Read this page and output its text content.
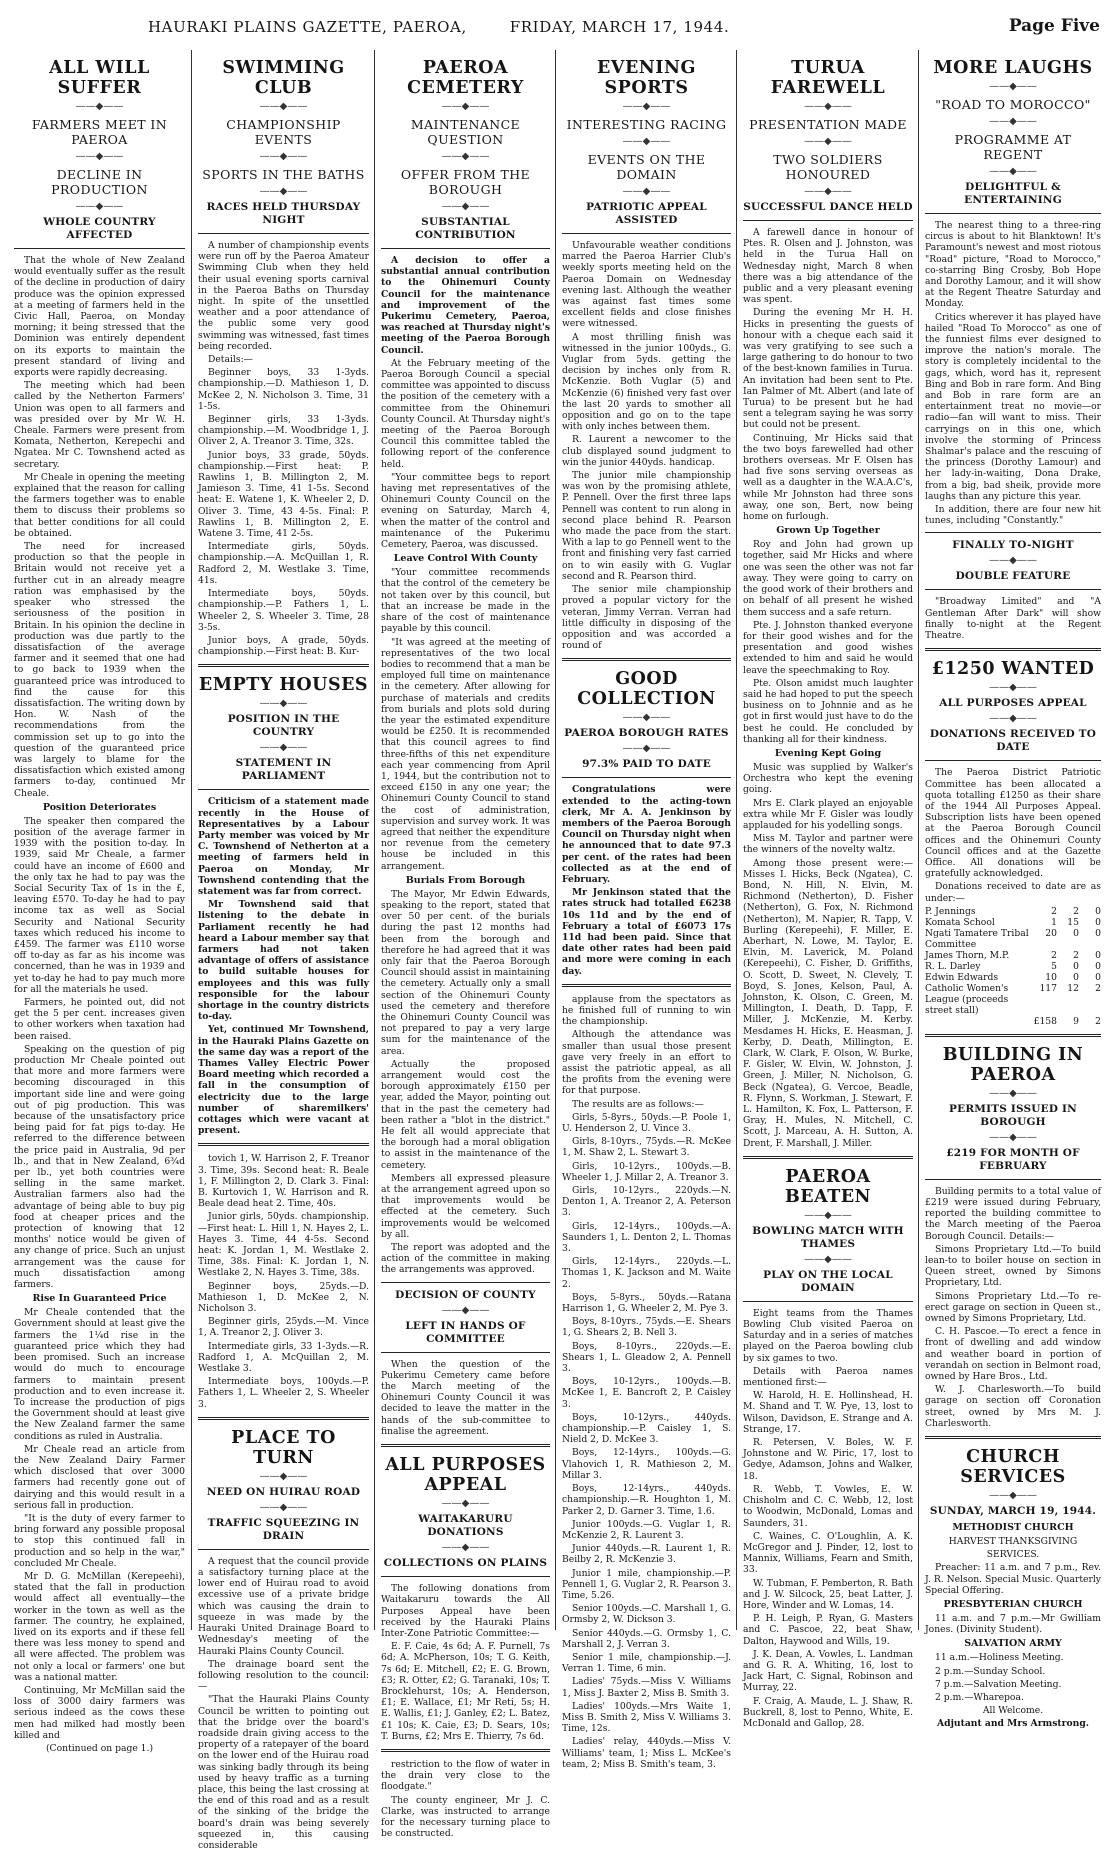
HAURAKI PLAINS GAZETTE, PAEROA,	FRIDAY, MARCH 17, 1944.	Page Five
ALL WILL SUFFER
——◆——
FARMERS MEET IN PAEROA
——◆——
DECLINE IN PRODUCTION
——◆——
WHOLE COUNTRY AFFECTED

That the whole of New Zealand would eventually suffer as the result of the decline in production of dairy produce was the opinion expressed at a meeting of farmers held in the Civic Hall, Paeroa, on Monday morning; it being stressed that the Dominion was entirely dependent on its exports to maintain the present standard of living and exports were rapidly decreasing.

The meeting which had been called by the Netherton Farmers' Union was open to all farmers and was presided over by Mr W. H. Cheale. Farmers were present from Komata, Netherton, Kerepechi and Ngatea. Mr C. Townshend acted as secretary.

Mr Cheale in opening the meeting explained that the reason for calling the farmers together was to enable them to discuss their problems so that better conditions for all could be obtained.

The need for increased production so that the people in Britain would not receive yet a further cut in an already meagre ration was emphasised by the speaker who stressed the seriousness of the position in Britain. In his opinion the decline in production was due partly to the dissatisfaction of the average farmer and it seemed that one had to go back to 1939 when the guaranteed price was introduced to find the cause for this dissatisfaction. The writing down by Hon. W. Nash of the recommendations from the commission set up to go into the question of the guaranteed price was largely to blame for the dissatisfaction which existed among farmers to-day, continued Mr Cheale.

Position Deteriorates

The speaker then compared the position of the average farmer in 1939 with the position to-day. In 1939, said Mr Cheale, a farmer could have an income of £600 and the only tax he had to pay was the Social Security Tax of 1s in the £, leaving £570. To-day he had to pay income tax as well as Social Security and National Security taxes which reduced his income to £459. The farmer was £110 worse off to-day as far as his income was concerned, than he was in 1939 and yet to-day he had to pay much more for all the materials he used.

Farmers, he pointed out, did not get the 5 per cent. increases given to other workers when taxation had been raised.

Speaking on the question of pig production Mr Cheale pointed out that more and more farmers were becoming discouraged in this important side line and were going out of pig production. This was because of the unsatisfactory price being paid for fat pigs to-day. He referred to the difference between the price paid in Australia, 9d per lb., and that in New Zealand, 6¾d per lb., yet both countries were selling in the same market. Australian farmers also had the advantage of being able to buy pig food at cheaper prices and the protection of knowing that 12 months' notice would be given of any change of price. Such an unjust arrangement was the cause for much dissatisfaction among farmers.

Rise In Guaranteed Price

Mr Cheale contended that the Government should at least give the farmers the 1¼d rise in the guaranteed price which they had been promised. Such an increase would do much to encourage farmers to maintain present production and to even increase it. To increase the production of pigs the Government should at least give the New Zealand farmer the same conditions as ruled in Australia.

Mr Cheale read an article from the New Zealand Dairy Farmer which disclosed that over 3000 farmers had recently gone out of dairying and this would result in a serious fall in production.

"It is the duty of every farmer to bring forward any possible proposal to stop this continued fall in production and so help in the war," concluded Mr Cheale.

Mr D. G. McMillan (Kerepeehi), stated that the fall in production would affect all eventually—the worker in the town as well as the farmer. The country, he explained, lived on its exports and if these fell there was less money to spend and all were affected. The problem was not only a local or farmers' one but was a national matter.

Continuing, Mr McMillan said the loss of 3000 dairy farmers was serious indeed as the cows these men had milked had mostly been killed and

(Continued on page 1.)

SWIMMING CLUB
——◆——
CHAMPIONSHIP EVENTS
——◆——
SPORTS IN THE BATHS
——◆——
RACES HELD THURSDAY NIGHT

A number of championship events were run off by the Paeroa Amateur Swimming Club when they held their usual evening sports carnival in the Paeroa Baths on Thursday night. In spite of the unsettled weather and a poor attendance of the public some very good swimming was witnessed, fast times being recorded.

Details:—

Beginner boys, 33 1-3yds. championship.—D. Mathieson 1, D. McKee 2, N. Nicholson 3. Time, 31 1-5s.

Beginner girls, 33 1-3yds. championship.—M. Woodbridge 1, J. Oliver 2, A. Treanor 3. Time, 32s.

Junior boys, 33 grade, 50yds. championship.—First heat: P. Rawlins 1, B. Millington 2, M. Jamieson 3. Time, 41 1-5s. Second heat: E. Watene 1, K. Wheeler 2, D. Oliver 3. Time, 43 4-5s. Final: P. Rawlins 1, B. Millington 2, E. Watene 3. Time, 41 2-5s.

Intermediate girls, 50yds. championship.—A. McQuillan 1, R. Radford 2, M. Westlake 3. Time, 41s.

Intermediate boys, 50yds. championship.—P. Fathers 1, L. Wheeler 2, S. Wheeler 3. Time, 28 3-5s.

Junior boys, A grade, 50yds. championship.—First heat: B. Kur-

EMPTY HOUSES
——◆——
POSITION IN THE COUNTRY
——◆——
STATEMENT IN PARLIAMENT

Criticism of a statement made recently in the House of Representatives by a Labour Party member was voiced by Mr C. Townshend of Netherton at a meeting of farmers held in Paeroa on Monday, Mr Townshend contending that the statement was far from correct.

Mr Townshend said that listening to the debate in Parliament recently he had heard a Labour member say that farmers had not taken advantage of offers of assistance to build suitable houses for employees and this was fully responsible for the labour shortage in the country districts to-day.

Yet, continued Mr Townshend, in the Hauraki Plains Gazette on the same day was a report of the Thames Valley Electric Power Board meeting which recorded a fall in the consumption of electricity due to the large number of sharemilkers' cottages which were vacant at present.

tovich 1, W. Harrison 2, F. Treanor 3. Time, 39s. Second heat: R. Beale 1, F. Millington 2, D. Clark 3. Final: B. Kurtovich 1, W. Harrison and R. Beale dead heat 2. Time, 40s.

Junior girls, 50yds. championship.—First heat: L. Hill 1, N. Hayes 2, L. Hayes 3. Time, 44 4-5s. Second heat: K. Jordan 1, M. Westlake 2. Time, 38s. Final: K. Jordan 1, N. Westlake 2, N. Hayes 3. Time, 38s.

Beginner boys, 25yds.—D. Mathieson 1, D. McKee 2, N. Nicholson 3.

Beginner girls, 25yds.—M. Vince 1, A. Treanor 2, J. Oliver 3.

Intermediate girls, 33 1-3yds.—R. Radford 1, A. McQuillan 2, M. Westlake 3.

Intermediate boys, 100yds.—P. Fathers 1, L. Wheeler 2, S. Wheeler 3.

PLACE TO TURN
——◆——
NEED ON HUIRAU ROAD
——◆——
TRAFFIC SQUEEZING IN DRAIN

A request that the council provide a satisfactory turning place at the lower end of Huirau road to avoid excessive use of a private bridge which was causing the drain to squeeze in was made by the Hauraki United Drainage Board to Wednesday's meeting of the Hauraki Plains County Council.

The drainage board sent the following resolution to the council:—

"That the Hauraki Plains County Council be written to pointing out that the bridge over the board's roadside drain giving access to the property of a ratepayer of the board on the lower end of the Huirau road was sinking badly through its being used by heavy traffic as a turning place, this being the last crossing at the end of this road and as a result of the sinking of the bridge the board's drain was being severely squeezed in, this causing considerable

PAEROA CEMETERY
——◆——
MAINTENANCE QUESTION
——◆——
OFFER FROM THE BOROUGH
——◆——
SUBSTANTIAL CONTRIBUTION

A decision to offer a substantial annual contribution to the Ohinemuri County Council for the maintenance and improvement of the Pukerimu Cemetery, Paeroa, was reached at Thursday night's meeting of the Paeroa Borough Council.

At the February meeting of the Paeroa Borough Council a special committee was appointed to discuss the position of the cemetery with a committee from the Ohinemuri County Council. At Thursday night's meeting of the Paeroa Borough Council this committee tabled the following report of the conference held.

"Your committee begs to report having met representatives of the Ohinemuri County Council on the evening on Saturday, March 4, when the matter of the control and maintenance of the Pukerimu Cemetery, Paeroa, was discussed.

Leave Control With County

"Your committee recommends that the control of the cemetery be not taken over by this council, but that an increase be made in the share of the cost of maintenance payable by this council.

"It was agreed at the meeting of representatives of the two local bodies to recommend that a man be employed full time on maintenance in the cemetery. After allowing for purchase of materials and credits from burials and plots sold during the year the estimated expenditure would be £250. It is recommended that this council agrees to find three-fifths of this net expenditure each year commencing from April 1, 1944, but the contribution not to exceed £150 in any one year; the Ohinemuri County Council to stand the cost of administration, supervision and survey work. It was agreed that neither the expenditure nor revenue from the cemetery house be included in this arrangement.

Burials From Borough

The Mayor, Mr Edwin Edwards, speaking to the report, stated that over 50 per cent. of the burials during the past 12 months had been from the borough and therefore he had agreed that it was only fair that the Paeroa Borough Council should assist in maintaining the cemetery. Actually only a small section of the Ohinemuri County used the cemetery and therefore the Ohinemuri County Council was not prepared to pay a very large sum for the maintenance of the area.

Actually the proposed arrangement would cost the borough approximately £150 per year, added the Mayor, pointing out that in the past the cemetery had been rather a "blot in the district." He felt all would appreciate that the borough had a moral obligation to assist in the maintenance of the cemetery.

Members all expressed pleasure at the arrangement agreed upon so that improvements would be effected at the cemetery. Such improvements would be welcomed by all.

The report was adopted and the action of the committee in making the arrangements was approved.

DECISION OF COUNTY
——◆——
LEFT IN HANDS OF COMMITTEE

When the question of the Pukerimu Cemetery came before the March meeting of the Ohinemuri County Council it was decided to leave the matter in the hands of the sub-committee to finalise the agreement.

ALL PURPOSES APPEAL
——◆——
WAITAKARURU DONATIONS
——◆——
COLLECTIONS ON PLAINS

The following donations from Waitakaruru towards the All Purposes Appeal have been received by the Hauraki Plains Inter-Zone Patriotic Committee:—

E. F. Caie, 4s 6d; A. F. Purnell, 7s 6d; A. McPherson, 10s; T. G. Keith, 7s 6d; E. Mitchell, £2; E. G. Brown, £3; R. Otter, £2; G. Taranaki, 10s; T. Brocklehurst, 10s; A. Henderson, £1; E. Wallace, £1; Mr Reti, 5s; H. E. Wallis, £1; J. Ganley, £2; L. Batez, £1 10s; K. Caie, £3; D. Sears, 10s; T. Burns, £2; Mrs E. Thierry, 7s 6d.

restriction to the flow of water in the drain very close to the floodgate."

The county engineer, Mr J. C. Clarke, was instructed to arrange for the necessary turning place to be constructed.

EVENING SPORTS
——◆——
INTERESTING RACING
——◆——
EVENTS ON THE DOMAIN
——◆——
PATRIOTIC APPEAL ASSISTED

Unfavourable weather conditions marred the Paeroa Harrier Club's weekly sports meeting held on the Paeroa Domain on Wednesday evening last. Although the weather was against fast times some excellent fields and close finishes were witnessed.

A most thrilling finish was witnessed in the junior 100yds., G. Vuglar from 5yds. getting the decision by inches only from R. McKenzie. Both Vuglar (5) and McKenzie (6) finished very fast over the last 20 yards to smother all opposition and go on to the tape with only inches between them.

R. Laurent a newcomer to the club displayed sound judgment to win the junior 440yds. handicap.

The junior mile championship was won by the promising athlete, P. Pennell. Over the first three laps Pennell was content to run along in second place behind R. Pearson who made the pace from the start. With a lap to go Pennell went to the front and finishing very fast carried on to win easily with G. Vuglar second and R. Pearson third.

The senior mile championship proved a popular victory for the veteran, Jimmy Verran. Verran had little difficulty in disposing of the opposition and was accorded a round of

GOOD COLLECTION
——◆——
PAEROA BOROUGH RATES
——◆——
97.3% PAID TO DATE

Congratulations were extended to the acting-town clerk, Mr A. A. Jenkinson by members of the Paeroa Borough Council on Thursday night when he announced that to date 97.3 per cent. of the rates had been collected as at the end of February.

Mr Jenkinson stated that the rates struck had totalled £6238 10s 11d and by the end of February a total of £6073 17s 11d had been paid. Since that date other rates had been paid and more were coming in each day.

applause from the spectators as he finished full of running to win the championship.

Although the attendance was smaller than usual those present gave very freely in an effort to assist the patriotic appeal, as all the profits from the evening were for that purpose.

The results are as follows:—

Girls, 5-8yrs., 50yds.—P. Poole 1, U. Henderson 2, U. Vince 3.

Girls, 8-10yrs., 75yds.—R. McKee 1, M. Shaw 2, L. Stewart 3.

Girls, 10-12yrs., 100yds.—B. Wheeler 1, J. Millar 2, A. Treanor 3.

Girls, 10-12yrs., 220yds.—N. Denton 1, A. Treanor 2, A. Peterson 3.

Girls, 12-14yrs., 100yds.—A. Saunders 1, L. Denton 2, L. Thomas 3.

Girls, 12-14yrs., 220yds.—L. Thomas 1, K. Jackson and M. Waite 2.

Boys, 5-8yrs., 50yds.—Ratana Harrison 1, G. Wheeler 2, M. Pye 3.

Boys, 8-10yrs., 75yds.—E. Shears 1, G. Shears 2, B. Nell 3.

Boys, 8-10yrs., 220yds.—E. Shears 1, L. Gleadow 2, A. Pennell 3.

Boys, 10-12yrs., 100yds.—B. McKee 1, E. Bancroft 2, P. Caisley 3.

Boys, 10-12yrs., 440yds. championship.—P. Caisley 1, S. Nield 2, D. McKee 3.

Boys, 12-14yrs., 100yds.—G. Vlahovich 1, R. Mathieson 2, M. Millar 3.

Boys, 12-14yrs., 440yds. championship.—R. Houghton 1, M. Parker 2, D. Garner 3. Time, 1.6.

Junior 100yds.—G. Vuglar 1, R. McKenzie 2, R. Laurent 3.

Junior 440yds.—R. Laurent 1, R. Beilby 2, R. McKenzie 3.

Junior 1 mile, championship.—P. Pennell 1, G. Vuglar 2, R. Pearson 3. Time, 5.26.

Senior 100yds.—C. Marshall 1, G. Ormsby 2, W. Dickson 3.

Senior 440yds.—G. Ormsby 1, C. Marshall 2, J. Verran 3.

Senior 1 mile, championship.—J. Verran 1. Time, 6 min.

Ladies' 75yds.—Miss V. Williams 1, Miss J. Baxter 2, Miss B. Smith 3.

Ladies' 100yds.—Mrs Waite 1, Miss B. Smith 2, Miss V. Williams 3. Time, 12s.

Ladies' relay, 440yds.—Miss V. Williams' team, 1; Miss L. McKee's team, 2; Miss B. Smith's team, 3.

TURUA FAREWELL
——◆——
PRESENTATION MADE
——◆——
TWO SOLDIERS HONOURED
——◆——
SUCCESSFUL DANCE HELD

A farewell dance in honour of Ptes. R. Olsen and J. Johnston, was held in the Turua Hall on Wednesday night, March 8 when there was a big attendance of the public and a very pleasant evening was spent.

During the evening Mr H. H. Hicks in presenting the guests of honour with a cheque each said it was very gratifying to see such a large gathering to do honour to two of the best-known families in Turua. An invitation had been sent to Pte. Ian Palmer of Mt. Albert (and late of Turua) to be present but he had sent a telegram saying he was sorry but could not be present.

Continuing, Mr Hicks said that the two boys farewelled had other brothers overseas. Mr F. Olsen has had five sons serving overseas as well as a daughter in the W.A.A.C's, while Mr Johnston had three sons away, one son, Bert, now being home on furlough.

Grown Up Together

Roy and John had grown up together, said Mr Hicks and where one was seen the other was not far away. They were going to carry on the good work of their brothers and on behalf of all present he wished them success and a safe return.

Pte. J. Johnston thanked everyone for their good wishes and for the presentation and good wishes extended to him and said he would leave the speechmaking to Roy.

Pte. Olson amidst much laughter said he had hoped to put the speech business on to Johnnie and as he got in first would just have to do the best he could. He concluded by thanking all for their kindness.

Evening Kept Going

Music was supplied by Walker's Orchestra who kept the evening going.

Mrs E. Clark played an enjoyable extra while Mr F. Gisler was loudly applauded for his yodelling songs.

Miss M. Taylor and partner were the winners of the novelty waltz.

Among those present were:—Misses I. Hicks, Beck (Ngatea), C. Bond, N. Hill, N. Elvin, M. Richmond (Netherton), D. Fisher (Netherton), G. Fox, N. Richmond (Netherton), M. Napier, R. Tapp, V. Burling (Kerepeehi), F. Miller, E. Aberhart, N. Lowe, M. Taylor, E. Elvin, M. Laverick, M. Poland (Kerepeehi), C. Fisher, D. Griffiths, O. Scott, D. Sweet, N. Clevely, T. Boyd, S. Jones, Kelson, Paul, A. Johnston, K. Olson, C. Green, M. Millington, I. Death, D. Tapp, F. Miller, J. McKenzie, M. Kerby. Mesdames H. Hicks, E. Heasman, J. Kerby, D. Death, Millington, E. Clark, W. Clark, F. Olson, W. Burke, F. Gisler, W. Elvin, W. Johnston, J. Green, J. Miller, N. Nicholson, G. Beck (Ngatea), G. Vercoe, Beadle, R. Flynn, S. Workman, J. Stewart, F. L. Hamilton, K. Fox, L. Patterson, F. Gray, H. Mules, N. Mitchell, C. Scott, J. Marceau, A. H. Sutton, A. Drent, F. Marshall, J. Miller.

PAEROA BEATEN
——◆——
BOWLING MATCH WITH THAMES
——◆——
PLAY ON THE LOCAL DOMAIN

Eight teams from the Thames Bowling Club visited Paeroa on Saturday and in a series of matches played on the Paeroa bowling club by six games to two.

Details with Paeroa names mentioned first:—

W. Harold, H. E. Hollinshead, H. M. Shand and T. W. Pye, 13, lost to Wilson, Davidson, E. Strange and A. Strange, 17.

R. Petersen, V. Boles, W. F. Johnstone and W. Piric, 17, lost to Gedye, Adamson, Johns and Walker, 18.

R. Webb, T. Vowles, E. W. Chisholm and C. C. Webb, 12, lost to Woodwin, McDonald, Lomas and Saunders, 31.

C. Waines, C. O'Loughlin, A. K. McGregor and J. Pinder, 12, lost to Mannix, Williams, Fearn and Smith, 33.

W. Tubman, F. Pemberton, R. Bath and J. W. Silcock, 25, beat Latter, J. Hore, Winder and W. Lomas, 14.

P. H. Leigh, P. Ryan, G. Masters and C. Pascoe, 22, beat Shaw, Dalton, Haywood and Wills, 19.

J. K. Dean, A. Vowles, L. Landman and G. R. A. Whiting, 16, lost to Jack Hart, C. Signal, Robinson and Murray, 22.

F. Craig, A. Maude, L. J. Shaw, R. Buckrell, 8, lost to Penno, White, E. McDonald and Gallop, 28.

MORE LAUGHS
——◆——
"ROAD TO MOROCCO"
——◆——
PROGRAMME AT REGENT
——◆——
DELIGHTFUL & ENTERTAINING

The nearest thing to a three-ring circus is about to hit Blanktown! It's Paramount's newest and most riotous "Road" picture, "Road to Morocco," co-starring Bing Crosby, Bob Hope and Dorothy Lamour, and it will show at the Regent Theatre Saturday and Monday.

Critics wherever it has played have hailed "Road To Morocco" as one of the funniest films ever designed to improve the nation's morale. The story is completely incidental to the gags, which, word has it, represent Bing and Bob in rare form. And Bing and Bob in rare form are an entertainment treat no movie—or radio—fan will want to miss. Their carryings on in this one, which involve the storming of Princess Shalmar's palace and the rescuing of the princess (Dorothy Lamour) and her lady-in-waiting, Dona Drake, from a big, bad sheik, provide more laughs than any picture this year.

In addition, there are four new hit tunes, including "Constantly."

FINALLY TO-NIGHT
——◆——
DOUBLE FEATURE

"Broadway Limited" and "A Gentleman After Dark" will show finally to-night at the Regent Theatre.

£1250 WANTED
——◆——
ALL PURPOSES APPEAL
——◆——
DONATIONS RECEIVED TO DATE

The Paeroa District Patriotic Committee has been allocated a quota totalling £1250 as their share of the 1944 All Purposes Appeal. Subscription lists have been opened at the Paeroa Borough Council offices and the Ohinemuri County Council offices and at the Gazette Office. All donations will be gratefully acknowledged.

Donations received to date are as under:—

P. Jennings	2	2	0
Komata School	1	15	0
Ngati Tamatere Tribal Committee	20	0	0
James Thorn, M.P.	2	2	0
R. L. Darley	5	0	0
Edwin Edwards	10	0	0
Catholic Women's League (proceeds street stall)	117	12	2
	£158	9	2
BUILDING IN PAEROA
——◆——
PERMITS ISSUED IN BOROUGH
——◆——
£219 FOR MONTH OF FEBRUARY

Building permits to a total value of £219 were issued during February, reported the building committee to the March meeting of the Paeroa Borough Council. Details:—

Simons Proprietary Ltd.—To build lean-to to boiler house on section in Queen street, owned by Simons Proprietary, Ltd.

Simons Proprietary Ltd.—To re-erect garage on section in Queen st., owned by Simons Proprietary, Ltd.

C. H. Pascoe.—To erect a fence in front of dwelling and add window and weather board in portion of verandah on section in Belmont road, owned by Hare Bros., Ltd.

W. J. Charlesworth.—To build garage on section off Coronation street, owned by Mrs M. J. Charlesworth.

CHURCH SERVICES
——◆——
SUNDAY, MARCH 19, 1944.
METHODIST CHURCH

HARVEST THANKSGIVING

SERVICES.

Preacher: 11 a.m. and 7 p.m., Rev. J. R. Nelson. Special Music. Quarterly Special Offering.

PRESBYTERIAN CHURCH

11 a.m. and 7 p.m.—Mr Gwilliam Jones. (Divinity Student).

SALVATION ARMY

11 a.m.—Holiness Meeting.

2 p.m.—Sunday School.

7 p.m.—Salvation Meeting.

2 p.m.—Wharepoa.

All Welcome.

Adjutant and Mrs Armstrong.
